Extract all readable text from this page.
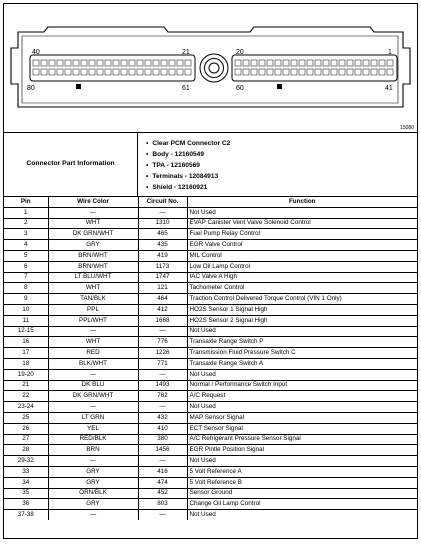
40	21
80	61
20	1
60	41
15080
Connector Part Information
• Clear PCM Connector C2
• Body - 12160549
• TPA - 12160569
• Terminals - 12084913
• Shield - 12160921
Pin	Wire Color	Circuit No.	Function
1	—	—	Not Used
2	WHT	1310	EVAP Canister Vent Valve Solenoid Control
3	DK GRN/WHT	465	Fuel Pump Relay Control
4	GRY	435	EGR Valve Control
5	BRN/WHT	419	MIL Control
6	BRN/WHT	1173	Low Oil Lamp Control
7	LT BLU/WHT	1747	IAC Valve A High
8	WHT	121	Tachometer Control
9	TAN/BLK	464	Traction Control Delivered Torque Control (VIN 1 Only)
10	PPL	412	HO2S Sensor 1 Signal High
11	PPL/WHT	1668	HO2S Sensor 2 Signal High
12-15	—	—	Not Used
16	WHT	776	Transaxle Range Switch P
17	RED	1226	Transmission Fluid Pressure Switch C
18	BLK/WHT	771	Transaxle Range Switch A
19-20	—	—	Not Used
21	DK BLU	1493	Normal / Performance Switch Input
22	DK GRN/WHT	762	A/C Request
23-24	—	—	Not Used
25	LT GRN	432	MAP Sensor Signal
26	YEL	410	ECT Sensor Signal
27	RED/BLK	380	A/C Refrigerant Pressure Sensor Signal
28	BRN	1456	EGR Pintle Position Signal
29-32	—	—	Not Used
33	GRY	416	5 Volt Reference A
34	GRY	474	5 Volt Reference B
35	ORN/BLK	452	Sensor Ground
36	GRY	803	Change Oil Lamp Control
37-38	—	—	Not Used
